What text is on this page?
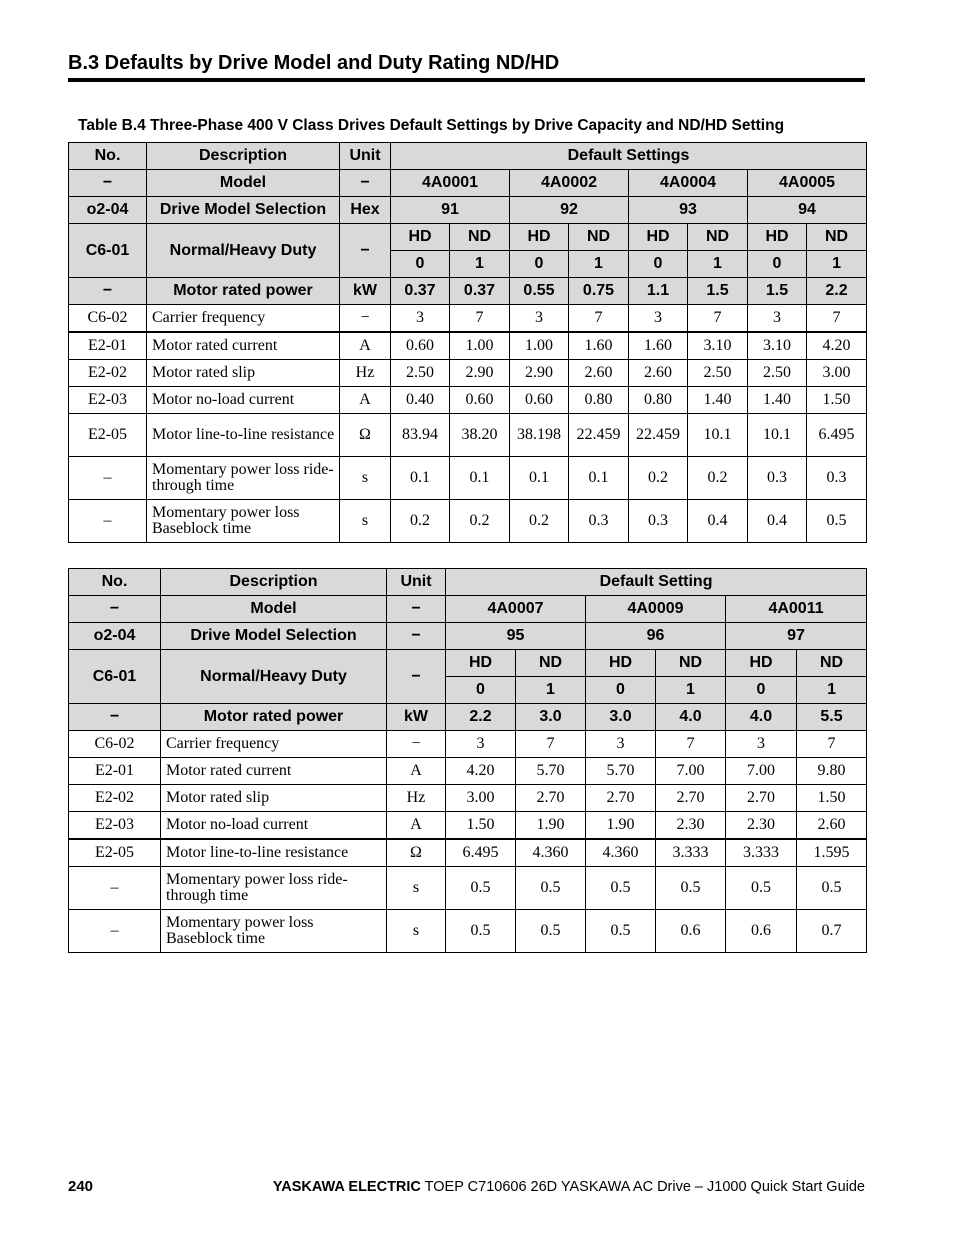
B.3 Defaults by Drive Model and Duty Rating ND/HD
Table B.4 Three-Phase 400 V Class Drives Default Settings by Drive Capacity and ND/HD Setting
No.	Description	Unit	Default Settings							
−	Model	−	4A0001		4A0002		4A0004		4A0005	
o2-04	Drive Model Selection	Hex	91		92		93		94	
C6-01	Normal/Heavy Duty	−	HD	ND	HD	ND	HD	ND	HD	ND
			0	1	0	1	0	1	0	1
−	Motor rated power	kW	0.37	0.37	0.55	0.75	1.1	1.5	1.5	2.2
C6-02	Carrier frequency	−	3	7	3	7	3	7	3	7
E2-01	Motor rated current	A	0.60	1.00	1.00	1.60	1.60	3.10	3.10	4.20
E2-02	Motor rated slip	Hz	2.50	2.90	2.90	2.60	2.60	2.50	2.50	3.00
E2-03	Motor no-load current	A	0.40	0.60	0.60	0.80	0.80	1.40	1.40	1.50
E2-05	Motor line-to-line resistance	Ω	83.94	38.20	38.198	22.459	22.459	10.1	10.1	6.495
–	Momentary power loss ride-through time	s	0.1	0.1	0.1	0.1	0.2	0.2	0.3	0.3
–	Momentary power loss Baseblock time	s	0.2	0.2	0.2	0.3	0.3	0.4	0.4	0.5
No.	Description	Unit	Default Setting					
−	Model	−	4A0007		4A0009		4A0011	
o2-04	Drive Model Selection	−	95		96		97	
C6-01	Normal/Heavy Duty	−	HD	ND	HD	ND	HD	ND
			0	1	0	1	0	1
−	Motor rated power	kW	2.2	3.0	3.0	4.0	4.0	5.5
C6-02	Carrier frequency	−	3	7	3	7	3	7
E2-01	Motor rated current	A	4.20	5.70	5.70	7.00	7.00	9.80
E2-02	Motor rated slip	Hz	3.00	2.70	2.70	2.70	2.70	1.50
E2-03	Motor no-load current	A	1.50	1.90	1.90	2.30	2.30	2.60
E2-05	Motor line-to-line resistance	Ω	6.495	4.360	4.360	3.333	3.333	1.595
–	Momentary power loss ride-through time	s	0.5	0.5	0.5	0.5	0.5	0.5
–	Momentary power loss Baseblock time	s	0.5	0.5	0.5	0.6	0.6	0.7
240	YASKAWA ELECTRIC TOEP C710606 26D YASKAWA AC Drive – J1000 Quick Start Guide
